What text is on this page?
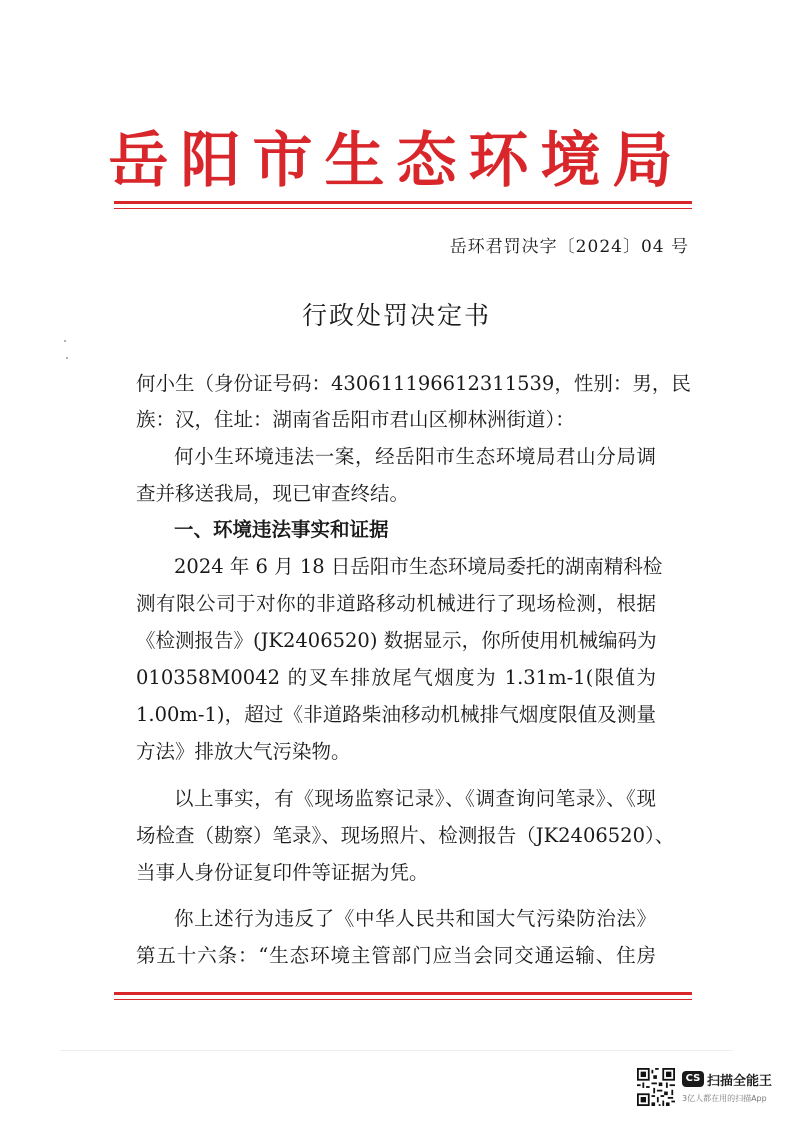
岳阳市生态环境局
岳环君罚决字〔2024〕04 号
行政处罚决定书
何小生（身份证号码：430611196612311539，性别：男，民
族：汉，住址：湖南省岳阳市君山区柳林洲街道）：
何小生环境违法一案，经岳阳市生态环境局君山分局调
查并移送我局，现已审查终结。
一、环境违法事实和证据
2024 年 6 月 18 日岳阳市生态环境局委托的湖南精科检
测有限公司于对你的非道路移动机械进行了现场检测，根据
《检测报告》(JK2406520) 数据显示，你所使用机械编码为
010358M0042 的叉车排放尾气烟度为 1.31m-1(限值为
1.00m-1)，超过《非道路柴油移动机械排气烟度限值及测量
方法》排放大气污染物。
以上事实，有《现场监察记录》、《调查询问笔录》、《现
场检查（勘察）笔录》、现场照片、检测报告（JK2406520）、
当事人身份证复印件等证据为凭。
你上述行为违反了《中华人民共和国大气污染防治法》
第五十六条：“生态环境主管部门应当会同交通运输、住房
CS 扫描全能王
3亿人都在用的扫描App
